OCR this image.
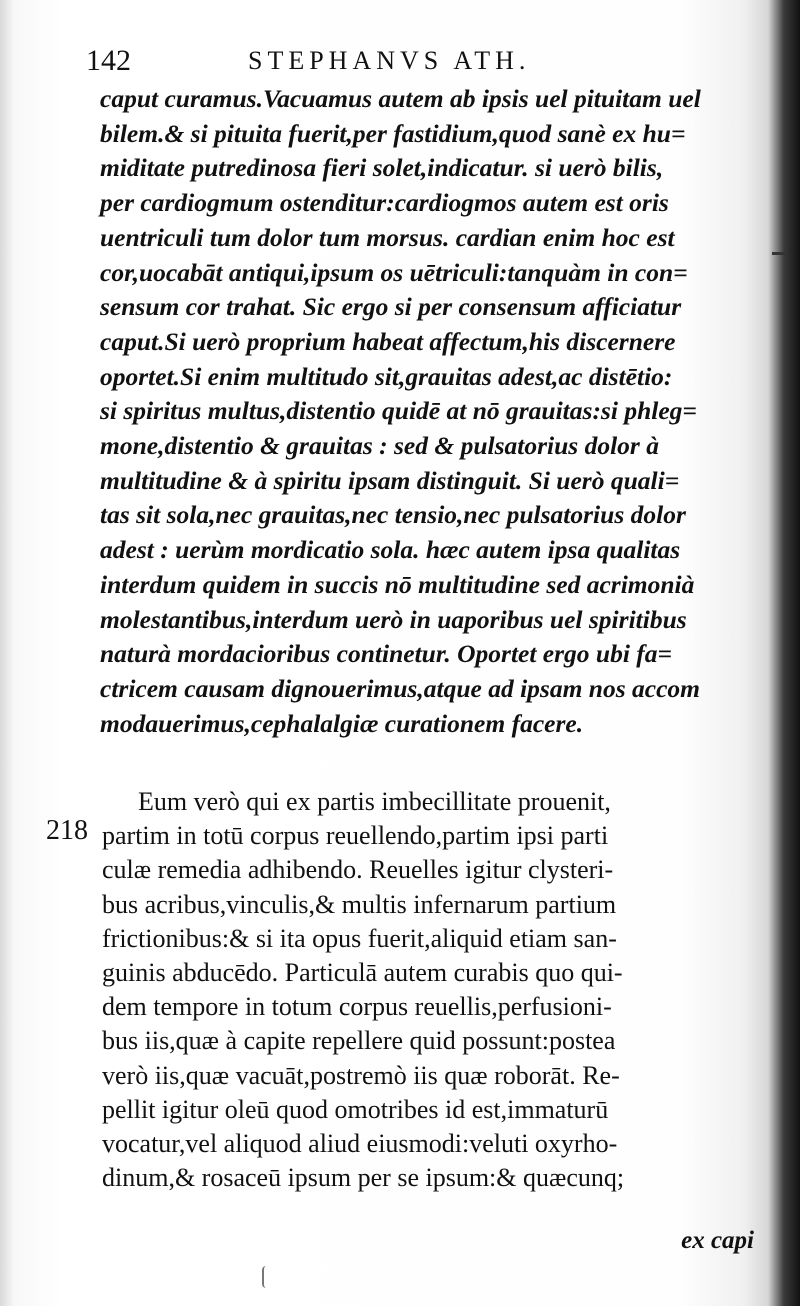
142	STEPHANVS ATH.
caput curamus.Vacuamus autem ab ipsis uel pituitam uel
bilem.& si pituita fuerit,per fastidium,quod sanè ex hu=
miditate putredinosa fieri solet,indicatur. si uerò bilis,
per cardiogmum ostenditur:cardiogmos autem est oris
uentriculi tum dolor tum morsus. cardian enim hoc est
cor,uocabāt antiqui,ipsum os uētriculi:tanquàm in con=
sensum cor trahat. Sic ergo si per consensum afficiatur
caput.Si uerò proprium habeat affectum,his discernere
oportet.Si enim multitudo sit,grauitas adest,ac distētio:
si spiritus multus,distentio quidē at nō grauitas:si phleg=
mone,distentio & grauitas : sed & pulsatorius dolor à
multitudine & à spiritu ipsam distinguit. Si uerò quali=
tas sit sola,nec grauitas,nec tensio,nec pulsatorius dolor
adest : uerùm mordicatio sola. hæc autem ipsa qualitas
interdum quidem in succis nō multitudine sed acrimonià
molestantibus,interdum uerò in uaporibus uel spiritibus
naturà mordacioribus continetur. Oportet ergo ubi fa=
ctricem causam dignouerimus,atque ad ipsam nos accom
modauerimus,cephalalgiæ curationem facere.
218
Eum verò qui ex partis imbecillitate prouenit,
partim in totū corpus reuellendo,partim ipsi parti
culæ remedia adhibendo. Reuelles igitur clysteri-
bus acribus,vinculis,& multis infernarum partium
frictionibus:& si ita opus fuerit,aliquid etiam san-
guinis abducēdo. Particulā autem curabis quo qui-
dem tempore in totum corpus reuellis,perfusioni-
bus iis,quæ à capite repellere quid possunt:postea
verò iis,quæ vacuāt,postremò iis quæ roborāt. Re-
pellit igitur oleū quod omotribes id est,immaturū
vocatur,vel aliquod aliud eiusmodi:veluti oxyrho-
dinum,& rosaceū ipsum per se ipsum:& quæcunq;
ex capi
